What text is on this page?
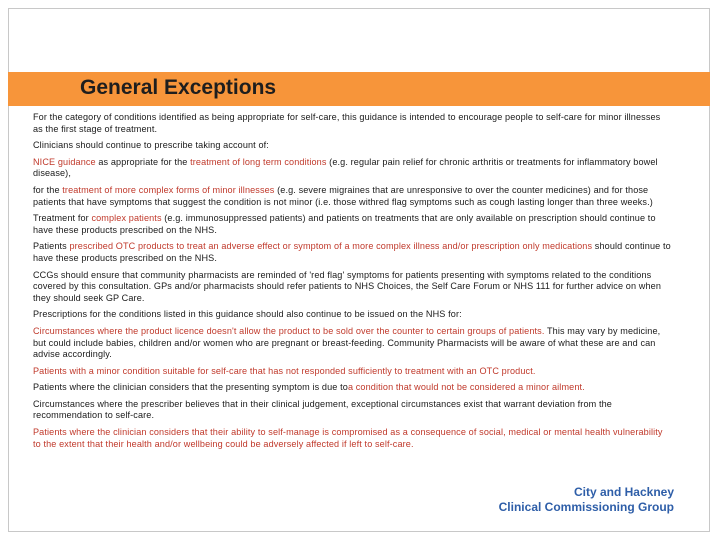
General Exceptions

For the category of conditions identified as being appropriate for self-care, this guidance is intended to encourage people to self-care for minor illnesses as the first stage of treatment.

Clinicians should continue to prescribe taking account of:

NICE guidance as appropriate for the treatment of long term conditions (e.g. regular pain relief for chronic arthritis or treatments for inflammatory bowel disease),

for the treatment of more complex forms of minor illnesses (e.g. severe migraines that are unresponsive to over the counter medicines) and for those patients that have symptoms that suggest the condition is not minor (i.e. those withred flag symptoms such as cough lasting longer than three weeks.)

Treatment for complex patients (e.g. immunosuppressed patients) and patients on treatments that are only available on prescription should continue to have these products prescribed on the NHS.

Patients prescribed OTC products to treat an adverse effect or symptom of a more complex illness and/or prescription only medications should continue to have these products prescribed on the NHS.

CCGs should ensure that community pharmacists are reminded of 'red flag' symptoms for patients presenting with symptoms related to the conditions covered by this consultation. GPs and/or pharmacists should refer patients to NHS Choices, the Self Care Forum or NHS 111 for further advice on when they should seek GP Care.

Prescriptions for the conditions listed in this guidance should also continue to be issued on the NHS for:

Circumstances where the product licence doesn't allow the product to be sold over the counter to certain groups of patients. This may vary by medicine, but could include babies, children and/or women who are pregnant or breast-feeding. Community Pharmacists will be aware of what these are and can advise accordingly.

Patients with a minor condition suitable for self-care that has not responded sufficiently to treatment with an OTC product.

Patients where the clinician considers that the presenting symptom is due toa condition that would not be considered a minor ailment.

Circumstances where the prescriber believes that in their clinical judgement, exceptional circumstances exist that warrant deviation from the recommendation to self-care.

Patients where the clinician considers that their ability to self-manage is compromised as a consequence of social, medical or mental health vulnerability to the extent that their health and/or wellbeing could be adversely affected if left to self-care.

City and Hackney
Clinical Commissioning Group
